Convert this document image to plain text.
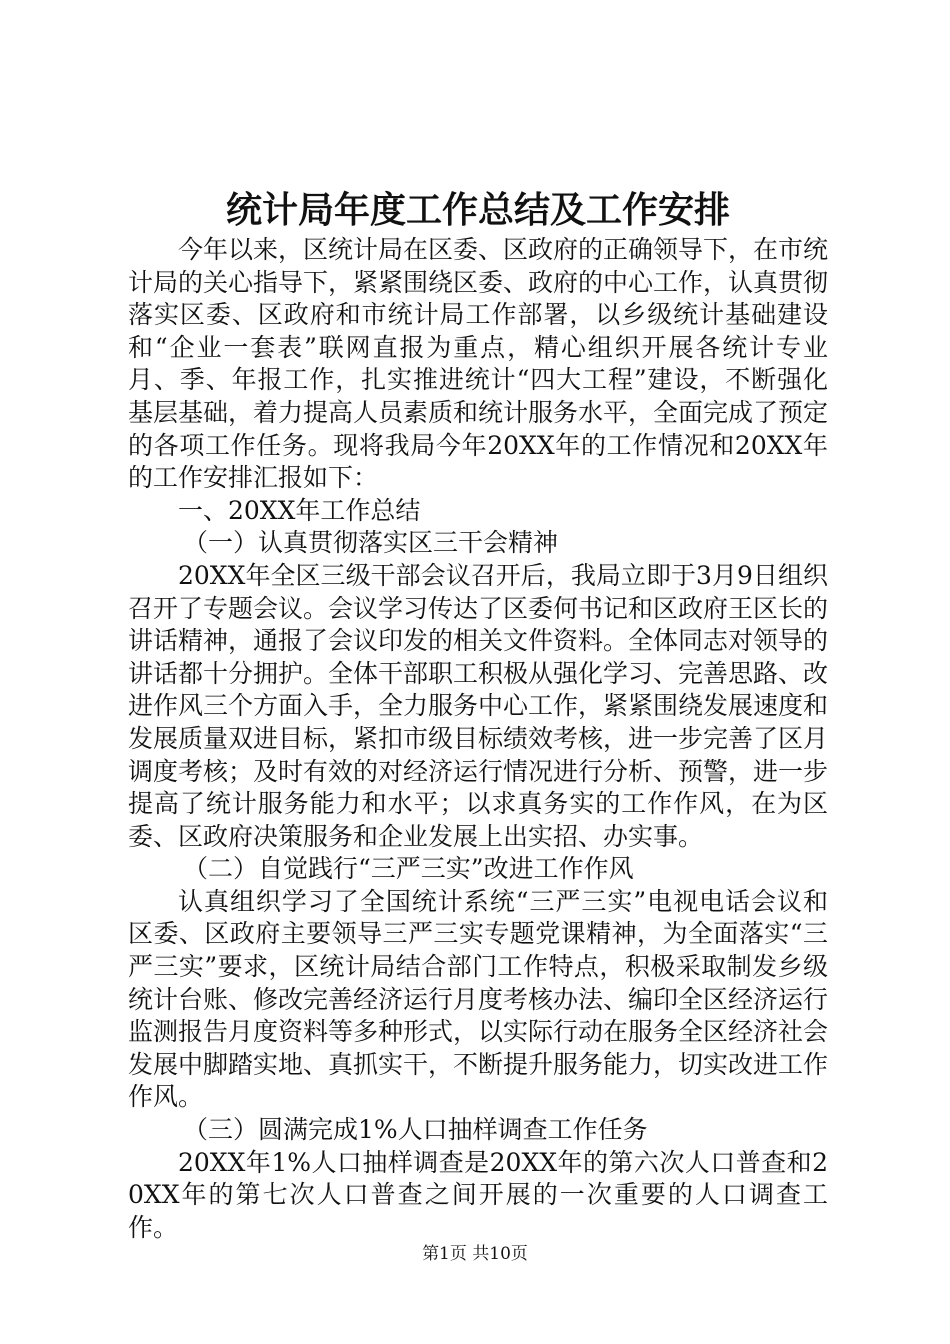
统计局年度工作总结及工作安排

今年以来，区统计局在区委、区政府的正确领导下，在市统计局的关心指导下，紧紧围绕区委、政府的中心工作，认真贯彻落实区委、区政府和市统计局工作部署，以乡级统计基础建设和“企业一套表”联网直报为重点，精心组织开展各统计专业月、季、年报工作，扎实推进统计“四大工程”建设，不断强化基层基础，着力提高人员素质和统计服务水平，全面完成了预定的各项工作任务。现将我局今年20XX年的工作情况和20XX年的工作安排汇报如下：

一、20XX年工作总结

（一）认真贯彻落实区三干会精神

20XX年全区三级干部会议召开后，我局立即于3月9日组织召开了专题会议。会议学习传达了区委何书记和区政府王区长的讲话精神，通报了会议印发的相关文件资料。全体同志对领导的讲话都十分拥护。全体干部职工积极从强化学习、完善思路、改进作风三个方面入手，全力服务中心工作，紧紧围绕发展速度和发展质量双进目标，紧扣市级目标绩效考核，进一步完善了区月调度考核；及时有效的对经济运行情况进行分析、预警，进一步提高了统计服务能力和水平；以求真务实的工作作风，在为区委、区政府决策服务和企业发展上出实招、办实事。

（二）自觉践行“三严三实”改进工作作风

认真组织学习了全国统计系统“三严三实”电视电话会议和区委、区政府主要领导三严三实专题党课精神，为全面落实“三严三实”要求，区统计局结合部门工作特点，积极采取制发乡级统计台账、修改完善经济运行月度考核办法、编印全区经济运行监测报告月度资料等多种形式，以实际行动在服务全区经济社会发展中脚踏实地、真抓实干，不断提升服务能力，切实改进工作作风。

（三）圆满完成1%人口抽样调查工作任务

20XX年1%人口抽样调查是20XX年的第六次人口普查和20XX年的第七次人口普查之间开展的一次重要的人口调查工作。

第1页 共10页
